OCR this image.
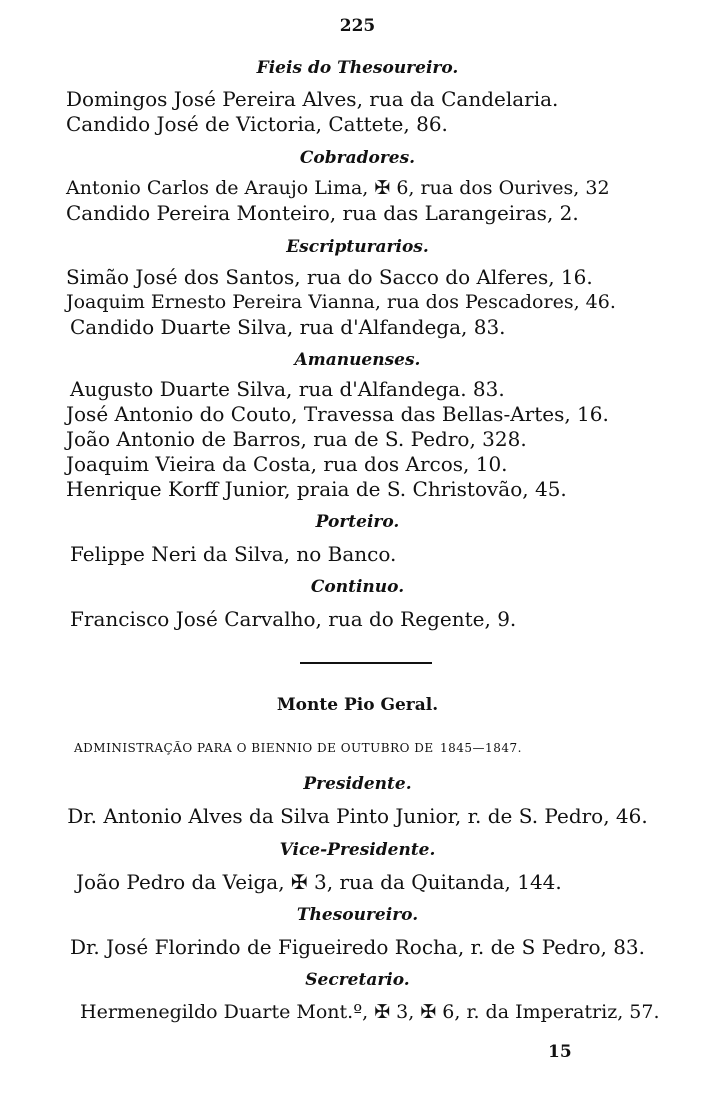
225
Fieis do Thesoureiro.
Domingos José Pereira Alves, rua da Candelaria.
Candido José de Victoria, Cattete, 86.
Cobradores.
Antonio Carlos de Araujo Lima, ✠ 6, rua dos Ourives, 32
Candido Pereira Monteiro, rua das Larangeiras, 2.
Escripturarios.
Simão José dos Santos, rua do Sacco do Alferes, 16.
Joaquim Ernesto Pereira Vianna, rua dos Pescadores, 46.
Candido Duarte Silva, rua d'Alfandega, 83.
Amanuenses.
Augusto Duarte Silva, rua d'Alfandega. 83.
José Antonio do Couto, Travessa das Bellas-Artes, 16.
João Antonio de Barros, rua de S. Pedro, 328.
Joaquim Vieira da Costa, rua dos Arcos, 10.
Henrique Korff Junior, praia de S. Christovão, 45.
Porteiro.
Felippe Neri da Silva, no Banco.
Continuo.
Francisco José Carvalho, rua do Regente, 9.
Monte Pio Geral.
ADMINISTRAÇÃO PARA O BIENNIO DE OUTUBRO DE 1845—1847.
Presidente.
Dr. Antonio Alves da Silva Pinto Junior, r. de S. Pedro, 46.
Vice-Presidente.
João Pedro da Veiga, ✠ 3, rua da Quitanda, 144.
Thesoureiro.
Dr. José Florindo de Figueiredo Rocha, r. de S Pedro, 83.
Secretario.
Hermenegildo Duarte Mont.º, ✠ 3, ✠ 6, r. da Imperatriz, 57.
15
